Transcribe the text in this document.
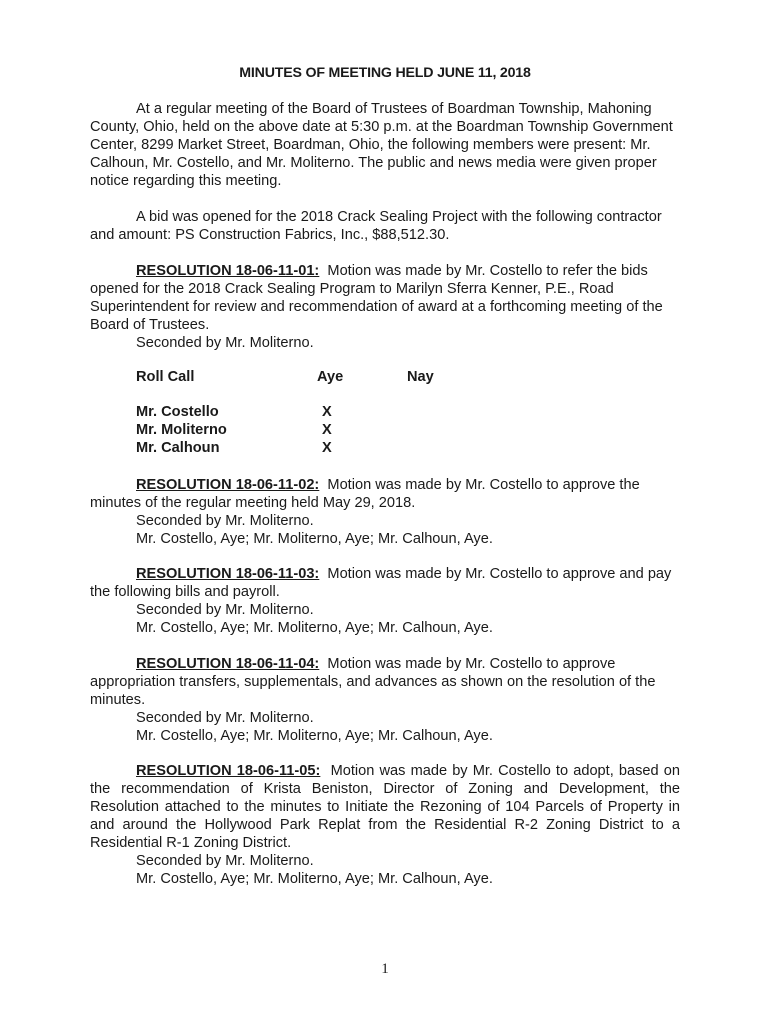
MINUTES OF MEETING HELD JUNE 11, 2018

At a regular meeting of the Board of Trustees of Boardman Township, Mahoning County, Ohio, held on the above date at 5:30 p.m. at the Boardman Township Government Center, 8299 Market Street, Boardman, Ohio, the following members were present: Mr. Calhoun, Mr. Costello, and Mr. Moliterno. The public and news media were given proper notice regarding this meeting.

A bid was opened for the 2018 Crack Sealing Project with the following contractor and amount: PS Construction Fabrics, Inc., $88,512.30.

RESOLUTION 18-06-11-01: Motion was made by Mr. Costello to refer the bids opened for the 2018 Crack Sealing Program to Marilyn Sferra Kenner, P.E., Road Superintendent for review and recommendation of award at a forthcoming meeting of the Board of Trustees.
Seconded by Mr. Moliterno.
Roll Call	Aye	Nay
Mr. Costello	X
Mr. Moliterno	X
Mr. Calhoun	X
RESOLUTION 18-06-11-02: Motion was made by Mr. Costello to approve the minutes of the regular meeting held May 29, 2018.
Seconded by Mr. Moliterno.
Mr. Costello, Aye; Mr. Moliterno, Aye; Mr. Calhoun, Aye.
RESOLUTION 18-06-11-03: Motion was made by Mr. Costello to approve and pay the following bills and payroll.
Seconded by Mr. Moliterno.
Mr. Costello, Aye; Mr. Moliterno, Aye; Mr. Calhoun, Aye.
RESOLUTION 18-06-11-04: Motion was made by Mr. Costello to approve appropriation transfers, supplementals, and advances as shown on the resolution of the minutes.
Seconded by Mr. Moliterno.
Mr. Costello, Aye; Mr. Moliterno, Aye; Mr. Calhoun, Aye.
RESOLUTION 18-06-11-05: Motion was made by Mr. Costello to adopt, based on the recommendation of Krista Beniston, Director of Zoning and Development, the Resolution attached to the minutes to Initiate the Rezoning of 104 Parcels of Property in and around the Hollywood Park Replat from the Residential R-2 Zoning District to a Residential R-1 Zoning District.
Seconded by Mr. Moliterno.
Mr. Costello, Aye; Mr. Moliterno, Aye; Mr. Calhoun, Aye.
1
